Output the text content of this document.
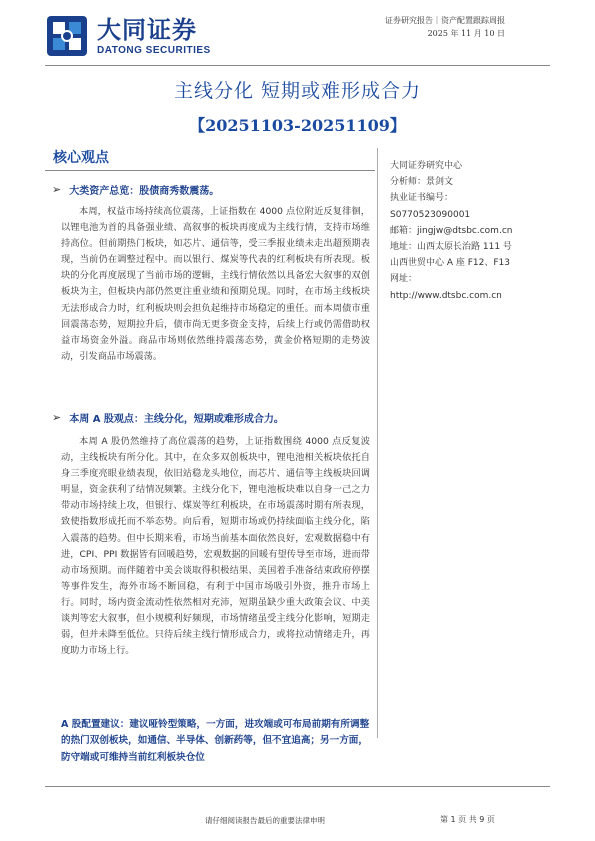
大同证券
DATONG SECURITIES
证券研究报告｜资产配置跟踪周报
2025 年 11 月 10 日
主线分化 短期或难形成合力
【20251103-20251109】
核心观点
➢ 大类资产总览：股债商秀数震荡。
本周，权益市场持续高位震荡，上证指数在 4000 点位附近反复徘徊，以锂电池为首的具备强业绩、高叙事的板块再度成为主线行情，支持市场维持高位。但前期热门板块，如芯片、通信等，受三季报业绩未走出超预期表现，当前仍在调整过程中。而以银行、煤炭等代表的红利板块有所表现。板块的分化再度展现了当前市场的逻辑，主线行情依然以具备宏大叙事的双创板块为主，但板块内部仍然更注重业绩和预期兑现。同时，在市场主线板块无法形成合力时，红利板块则会担负起维持市场稳定的重任。而本周债市重回震荡态势，短期拉升后，债市尚无更多资金支持，后续上行或仍需借助权益市场资金外溢。商品市场则依然维持震荡态势，黄金价格短期的走势波动，引发商品市场震荡。
➢ 本周 A 股观点：主线分化，短期或难形成合力。
本周 A 股仍然维持了高位震荡的趋势，上证指数围绕 4000 点反复波动，主线板块有所分化。其中，在众多双创板块中，锂电池相关板块依托自身三季度亮眼业绩表现，依旧站稳龙头地位，而芯片、通信等主线板块回调明显，资金获利了结情况频繁。主线分化下，锂电池板块难以自身一己之力带动市场持续上攻，但银行、煤炭等红利板块，在市场震荡时期有所表现，致使指数形成托而不举态势。向后看，短期市场或仍持续面临主线分化，陷入震荡的趋势。但中长期来看，市场当前基本面依然良好，宏观数据稳中有进，CPI、PPI 数据皆有回暖趋势，宏观数据的回暖有望传导至市场，进而带动市场预期。而伴随着中美会谈取得积极结果、美国着手准备结束政府停摆等事件发生，海外市场不断回稳，有利于中国市场吸引外资，推升市场上行。同时，场内资金流动性依然相对充沛，短期虽缺少重大政策会议、中美谈判等宏大叙事，但小规模利好频现，市场情绪虽受主线分化影响，短期走弱，但并未降至低位。只待后续主线行情形成合力，或将拉动情绪走升，再度助力市场上行。
A 股配置建议：建议哑铃型策略，一方面，进攻端或可布局前期有所调整的热门双创板块，如通信、半导体、创新药等，但不宜追高；另一方面，防守端或可维持当前红利板块仓位
大同证券研究中心
分析师：景剑文
执业证书编号：
S0770523090001
邮箱：jingjw@dtsbc.com.cn
地址：山西太原长治路 111 号
山西世贸中心 A 座 F12、F13
网址：
http://www.dtsbc.com.cn
请仔细阅读报告最后的重要法律申明	第 1 页 共 9 页
